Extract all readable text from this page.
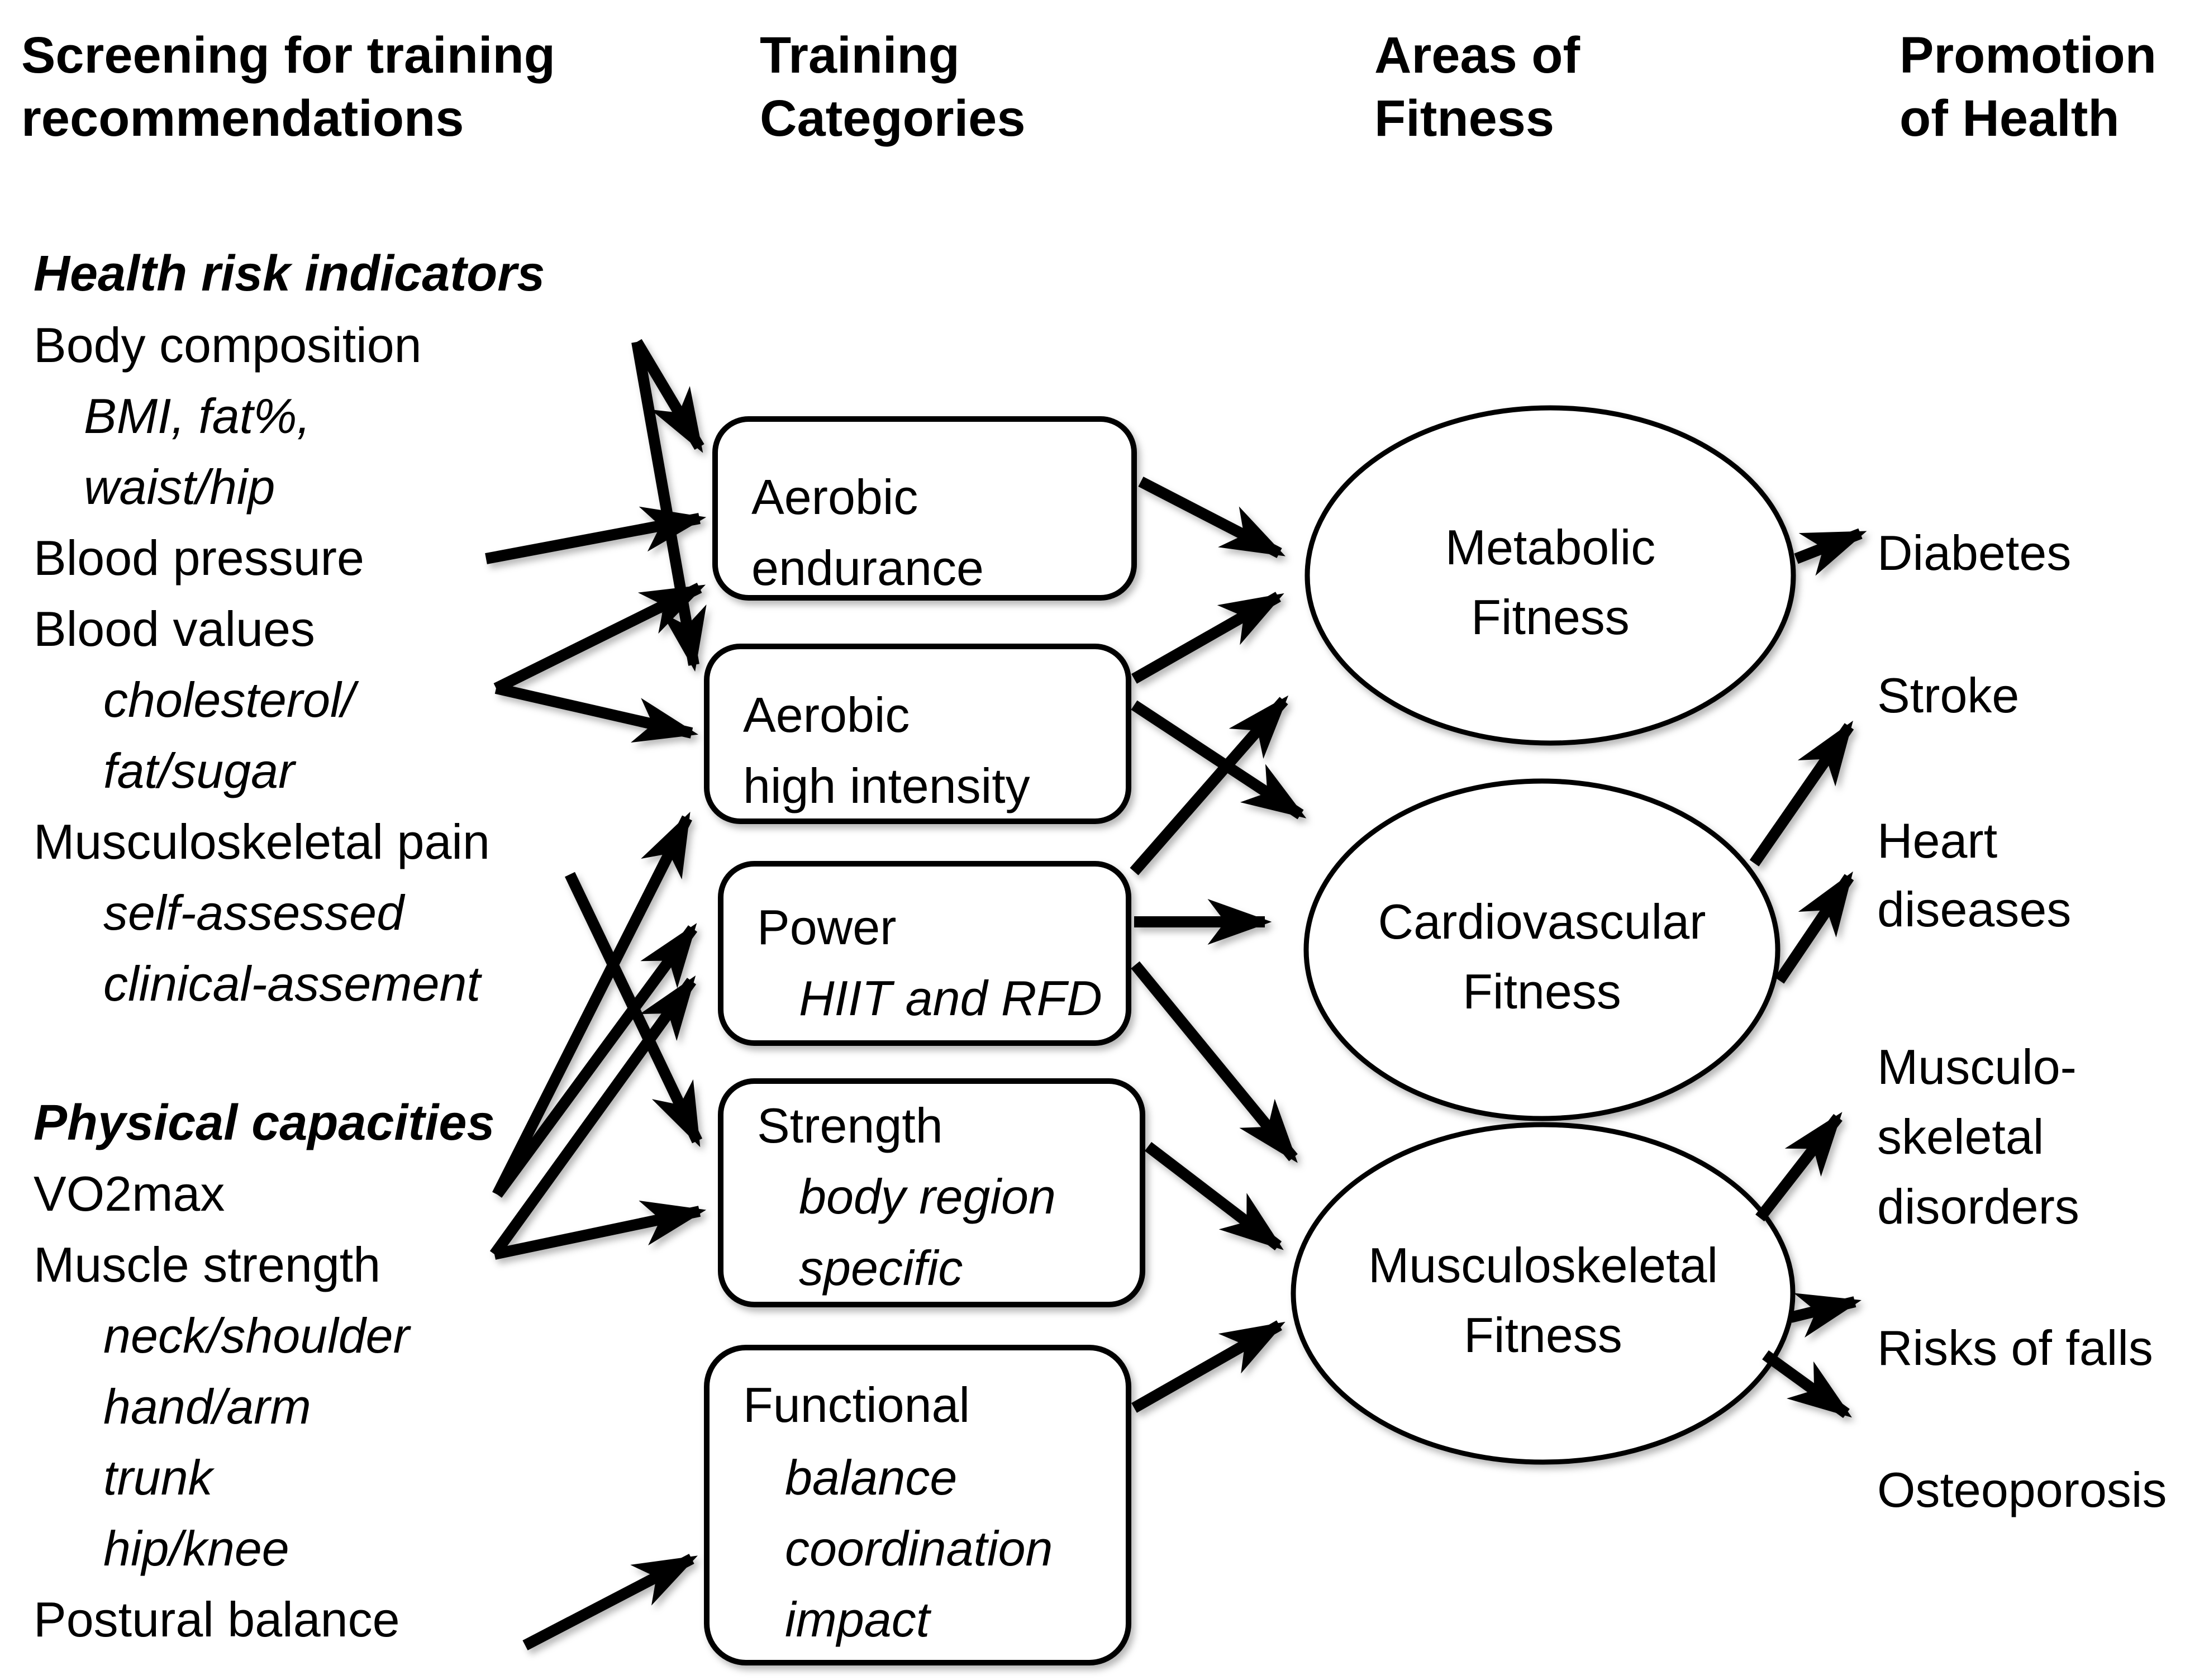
Screening for training
recommendations
Training
Categories
Areas of
Fitness
Promotion
of Health
Health risk indicators
Body composition
BMI, fat%,
waist/hip
Blood pressure
Blood values
cholesterol/
fat/sugar
Musculoskeletal pain
self-assessed
clinical-assement
Physical capacities
VO2max
Muscle strength
neck/shoulder
hand/arm
trunk
hip/knee
Postural balance
Aerobic
endurance
Aerobic
high intensity
Power
HIIT and RFD
Strength
body region
specific
Functional
balance
coordination
impact
Metabolic
Fitness
Cardiovascular
Fitness
Musculoskeletal
Fitness
Diabetes
Stroke
Heart
diseases
Musculo-
skeletal
disorders
Risks of falls
Osteoporosis
